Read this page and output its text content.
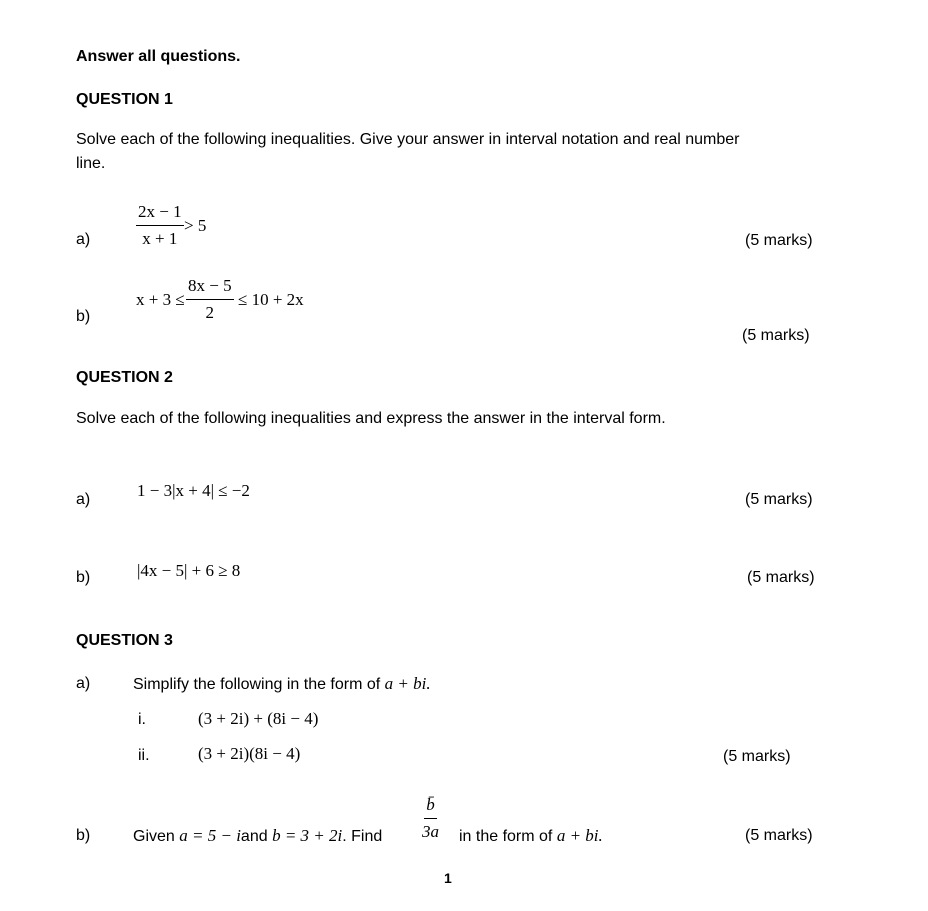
Answer all questions.
QUESTION 1
Solve each of the following inequalities. Give your answer in interval notation and real number
line.
a)	$\frac{2x - 1}{x + 1} > 5$
(5 marks)
b)
$x + 3 \le \frac{8x - 5}{2} \le 10 + 2x$
(5 marks)
QUESTION 2
Solve each of the following inequalities and express the answer in the interval form.
a)	1 − 3|x + 4| ≤ −2	(5 marks)
b)	|4x − 5| + 6 ≥ 8	(5 marks)
QUESTION 3
a)	Simplify the following in the form of a + bi.
i.	(3 + 2i) + (8i − 4)
ii.	(3 + 2i)(8i − 4)	(5 marks)
b)	Given a = 5 − iand b = 3 + 2i. Find $\frac{b̄}{3a}$ in the form of a + bi.	(5 marks)
1
